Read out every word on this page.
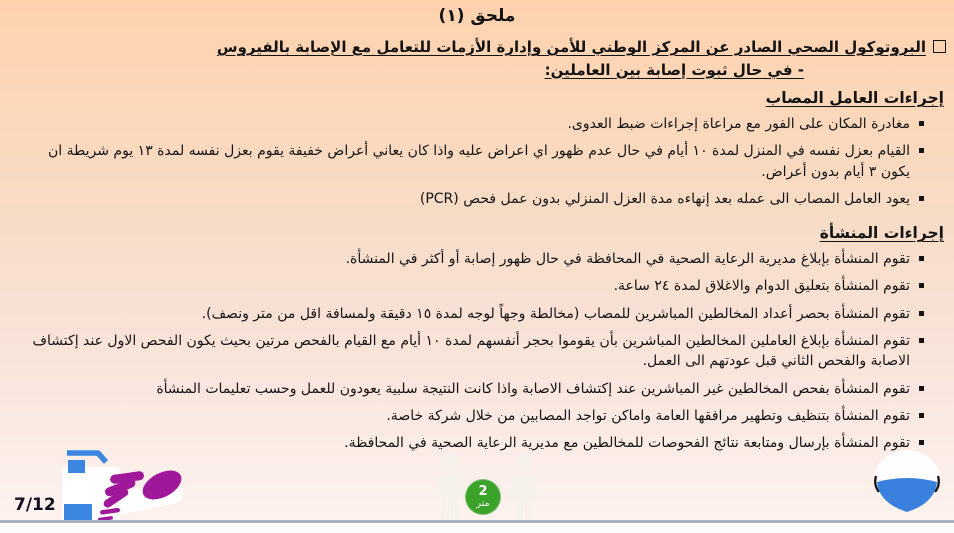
ملحق (١)
البروتوكول الصحي الصادر عن المركز الوطني للأمن وإدارة الأزمات للتعامل مع الإصابة بالفيروس
- في حال ثبوت إصابة بين العاملين:
إجراءات العامل المصاب
مغادرة المكان على الفور مع مراعاة إجراءات ضبط العدوى.
القيام بعزل نفسه في المنزل لمدة ١٠ أيام في حال عدم ظهور اي اعراض عليه واذا كان يعاني أعراض خفيفة يقوم بعزل نفسه لمدة ١٣ يوم شريطة ان يكون ٣ أيام بدون أعراض.
يعود العامل المصاب الى عمله بعد إنهاءه مدة العزل المنزلي بدون عمل فحص (PCR)
إجراءات المنشأة
تقوم المنشأة بإبلاغ مديرية الرعاية الصحية في المحافظة في حال ظهور إصابة أو أكثر في المنشأة.
تقوم المنشأة بتعليق الدوام والاغلاق لمدة ٢٤ ساعة.
تقوم المنشأة بحصر أعداد المخالطين المباشرين للمصاب (مخالطة وجهاً لوجه لمدة ١٥ دقيقة ولمسافة اقل من متر ونصف).
تقوم المنشأة بإبلاغ العاملين المخالطين المباشرين بأن يقوموا بحجر أنفسهم لمدة ١٠ أيام مع القيام بالفحص مرتين بحيث يكون الفحص الاول عند إكتشاف الاصابة والفحص الثاني قبل عودتهم الى العمل.
تقوم المنشأة بفحص المخالطين غير المباشرين عند إكتشاف الاصابة واذا كانت النتيجة سلبية يعودون للعمل وحسب تعليمات المنشأة
تقوم المنشأة بتنظيف وتطهير مرافقها العامة واماكن تواجد المصابين من خلال شركة خاصة.
تقوم المنشأة بإرسال ومتابعة نتائج الفحوصات للمخالطين مع مديرية الرعاية الصحية في المحافظة.
2
متر
7/12
